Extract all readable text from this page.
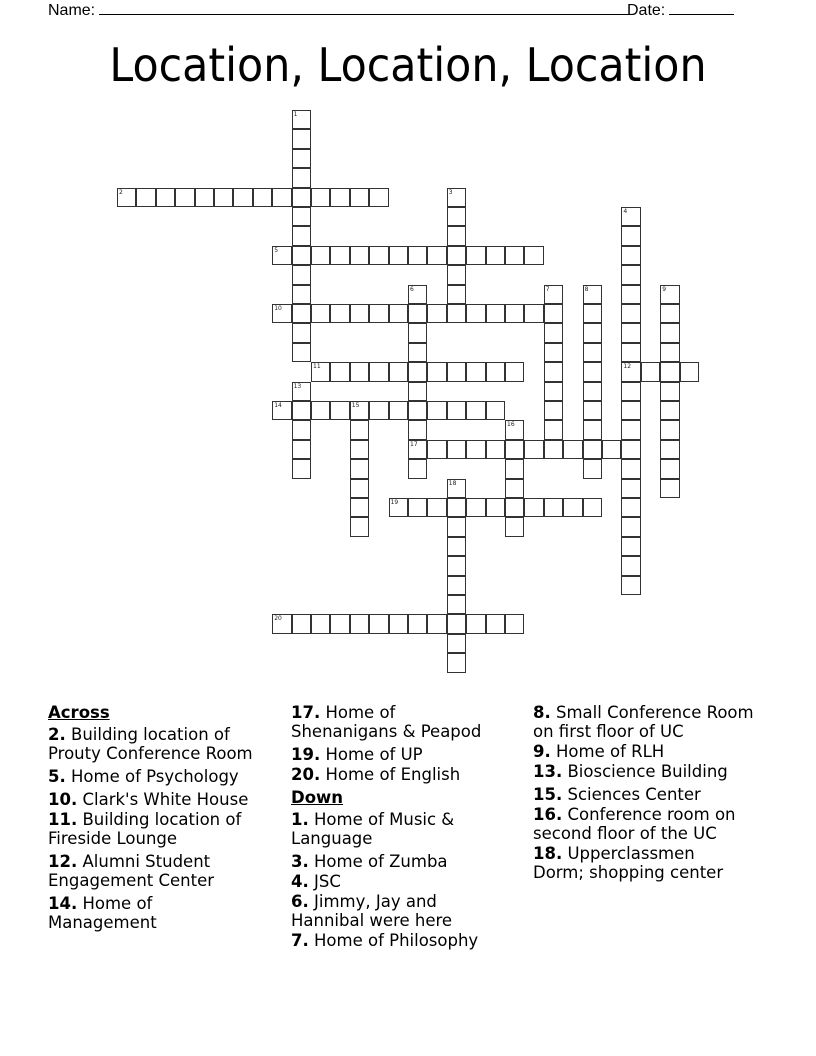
Name:	Date:
Location, Location, Location
1
2	3
4
12
5
6
17
7	8	9
10
11
13
14	15
16
18
19
20
Across
2. Building location of Prouty Conference Room
5. Home of Psychology
10. Clark's White House
11. Building location of Fireside Lounge
12. Alumni Student Engagement Center
14. Home of Management
17. Home of Shenanigans & Peapod
19. Home of UP
20. Home of English
Down
1. Home of Music & Language
3. Home of Zumba
4. JSC
6. Jimmy, Jay and Hannibal were here
7. Home of Philosophy
8. Small Conference Room on first floor of UC
9. Home of RLH
13. Bioscience Building
15. Sciences Center
16. Conference room on second floor of the UC
18. Upperclassmen Dorm; shopping center
